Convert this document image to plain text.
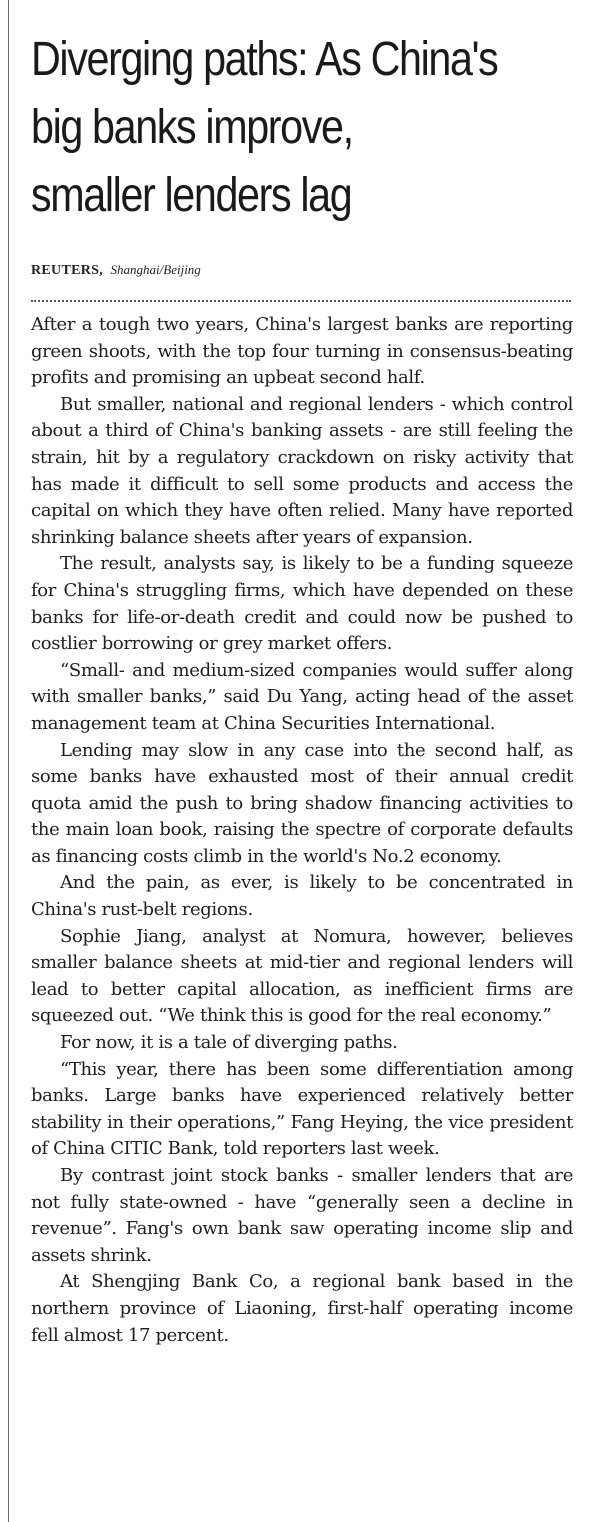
Diverging paths: As China's
big banks improve,
smaller lenders lag
REUTERS, Shanghai/Beijing

After a tough two years, China's largest banks are reporting green shoots, with the top four turning in consensus-beating profits and promising an upbeat second half.

But smaller, national and regional lenders - which control about a third of China's banking assets - are still feeling the strain, hit by a regulatory crackdown on risky activity that has made it difficult to sell some products and access the capital on which they have often relied. Many have reported shrinking balance sheets after years of expansion.

The result, analysts say, is likely to be a funding squeeze for China's struggling firms, which have depended on these banks for life-or-death credit and could now be pushed to costlier borrowing or grey market offers.

“Small- and medium-sized companies would suffer along with smaller banks,” said Du Yang, acting head of the asset management team at China Securities International.

Lending may slow in any case into the second half, as some banks have exhausted most of their annual credit quota amid the push to bring shadow financing activities to the main loan book, raising the spectre of corporate defaults as financing costs climb in the world's No.2 economy.

And the pain, as ever, is likely to be concentrated in China's rust-belt regions.

Sophie Jiang, analyst at Nomura, however, believes smaller balance sheets at mid-tier and regional lenders will lead to better capital allocation, as inefficient firms are squeezed out. “We think this is good for the real economy.”

For now, it is a tale of diverging paths.

“This year, there has been some differentiation among banks. Large banks have experienced relatively better stability in their operations,” Fang Heying, the vice president of China CITIC Bank, told reporters last week.

By contrast joint stock banks - smaller lenders that are not fully state-owned - have “generally seen a decline in revenue”. Fang's own bank saw operating income slip and assets shrink.

At Shengjing Bank Co, a regional bank based in the northern province of Liaoning, first-half operating income fell almost 17 percent.
